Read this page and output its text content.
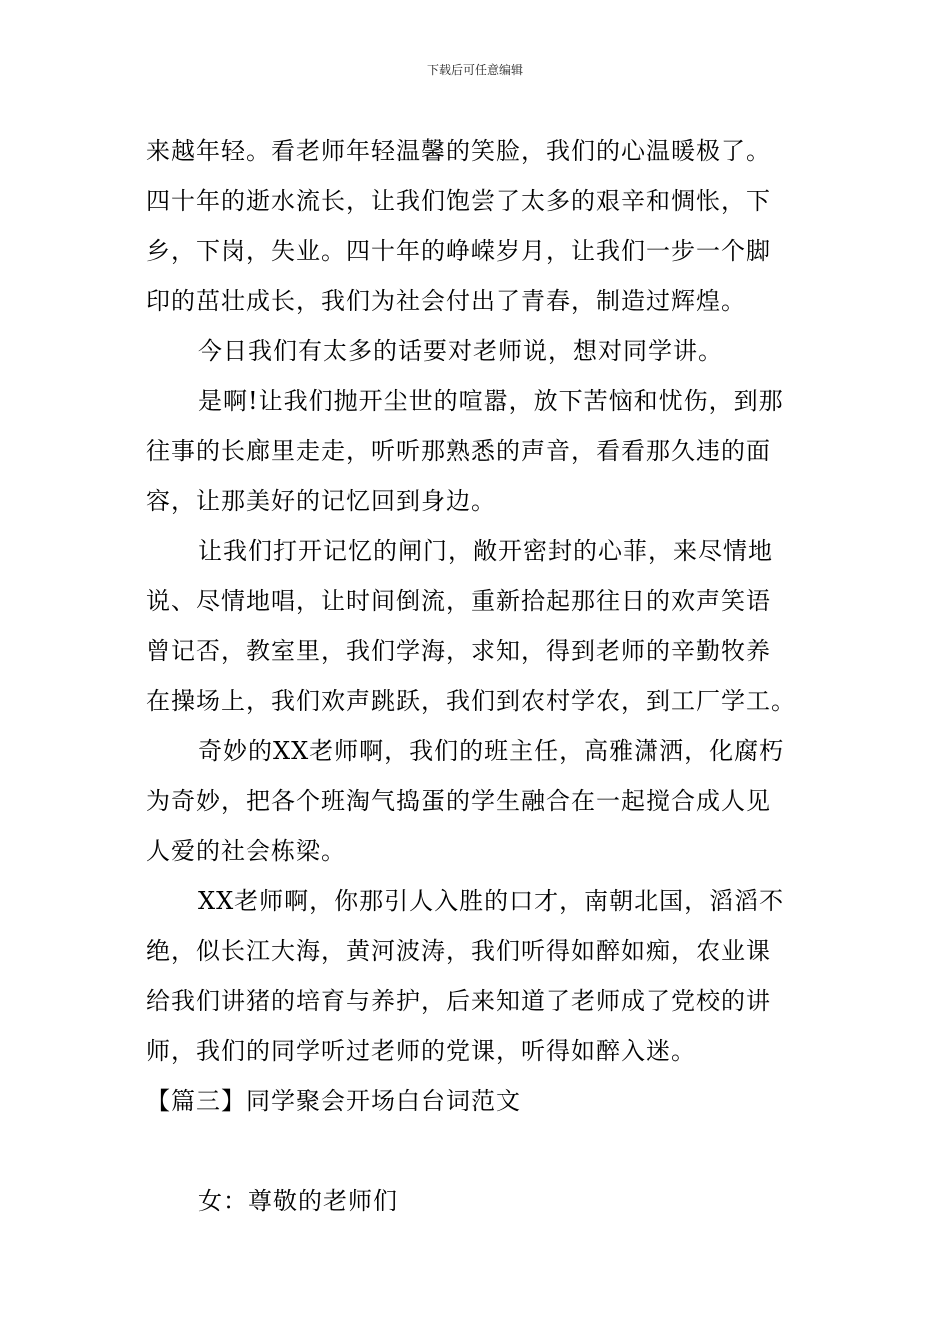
下载后可任意编辑
来越年轻。看老师年轻温馨的笑脸，我们的心温暖极了。
四十年的逝水流长，让我们饱尝了太多的艰辛和惆怅，下
乡，下岗，失业。四十年的峥嵘岁月，让我们一步一个脚
印的茁壮成长，我们为社会付出了青春，制造过辉煌。
今日我们有太多的话要对老师说，想对同学讲。
是啊!让我们抛开尘世的喧嚣，放下苦恼和忧伤，到那
往事的长廊里走走，听听那熟悉的声音，看看那久违的面
容，让那美好的记忆回到身边。
让我们打开记忆的闸门，敞开密封的心菲，来尽情地
说、尽情地唱，让时间倒流，重新拾起那往日的欢声笑语
曾记否，教室里，我们学海，求知，得到老师的辛勤牧养
在操场上，我们欢声跳跃，我们到农村学农，到工厂学工。
奇妙的XX老师啊，我们的班主任，高雅潇洒，化腐朽
为奇妙，把各个班淘气捣蛋的学生融合在一起搅合成人见
人爱的社会栋梁。
XX老师啊，你那引人入胜的口才，南朝北国，滔滔不
绝，似长江大海，黄河波涛，我们听得如醉如痴，农业课
给我们讲猪的培育与养护，后来知道了老师成了党校的讲
师，我们的同学听过老师的党课，听得如醉入迷。
【篇三】同学聚会开场白台词范文
女：尊敬的老师们
